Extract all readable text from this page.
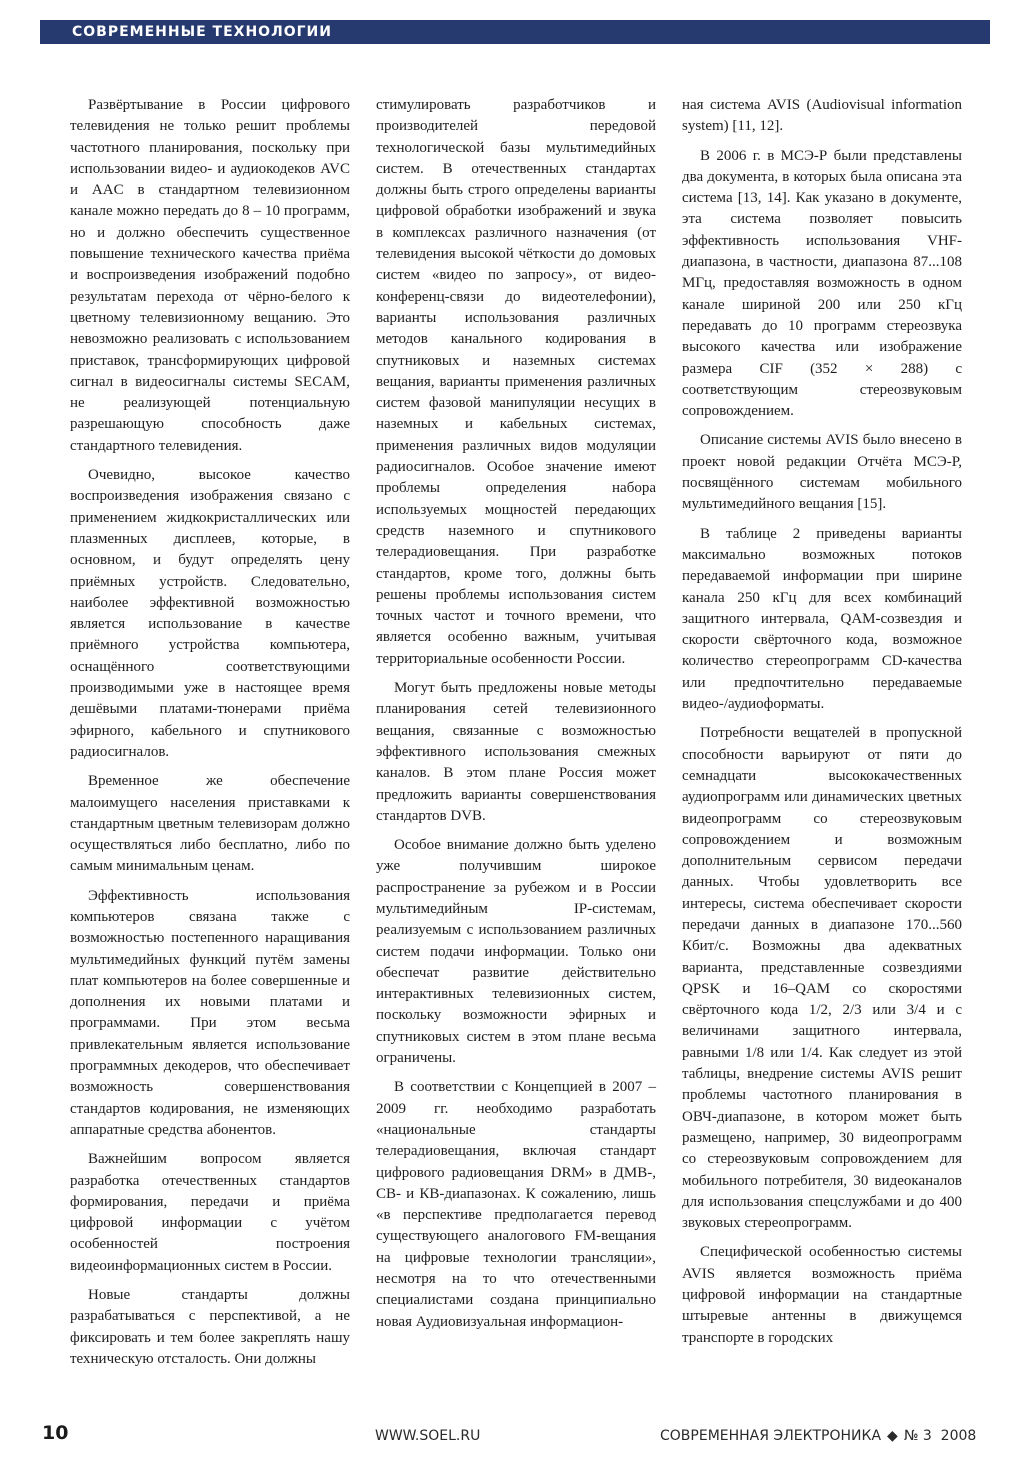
СОВРЕМЕННЫЕ ТЕХНОЛОГИИ

Развёртывание в России цифрового телевидения не только решит проблемы частотного планирования, поскольку при использовании видео- и аудиокодеков AVC и AAC в стандартном телевизионном канале можно передать до 8 – 10 программ, но и должно обеспечить существенное повышение технического качества приёма и воспроизведения изображений подобно результатам перехода от чёрно-белого к цветному телевизионному вещанию. Это невозможно реализовать с использованием приставок, трансформирующих цифровой сигнал в видеосигналы системы SECAM, не реализующей потенциальную разрешающую способность даже стандартного телевидения.

Очевидно, высокое качество воспроизведения изображения связано с применением жидкокристаллических или плазменных дисплеев, которые, в основном, и будут определять цену приёмных устройств. Следовательно, наиболее эффективной возможностью является использование в качестве приёмного устройства компьютера, оснащённого соответствующими производимыми уже в настоящее время дешёвыми платами-тюнерами приёма эфирного, кабельного и спутникового радиосигналов.

Временное же обеспечение малоимущего населения приставками к стандартным цветным телевизорам должно осуществляться либо бесплатно, либо по самым минимальным ценам.

Эффективность использования компьютеров связана также с возможностью постепенного наращивания мультимедийных функций путём замены плат компьютеров на более совершенные и дополнения их новыми платами и программами. При этом весьма привлекательным является использование программных декодеров, что обеспечивает возможность совершенствования стандартов кодирования, не изменяющих аппаратные средства абонентов.

Важнейшим вопросом является разработка отечественных стандартов формирования, передачи и приёма цифровой информации с учётом особенностей построения видеоинформационных систем в России.

Новые стандарты должны разрабатываться с перспективой, а не фиксировать и тем более закреплять нашу техническую отсталость. Они должны

стимулировать разработчиков и производителей передовой технологической базы мультимедийных систем. В отечественных стандартах должны быть строго определены варианты цифровой обработки изображений и звука в комплексах различного назначения (от телевидения высокой чёткости до домовых систем «видео по запросу», от видео-конференц-связи до видеотелефонии), варианты использования различных методов канального кодирования в спутниковых и наземных системах вещания, варианты применения различных систем фазовой манипуляции несущих в наземных и кабельных системах, применения различных видов модуляции радиосигналов. Особое значение имеют проблемы определения набора используемых мощностей передающих средств наземного и спутникового телерадиовещания. При разработке стандартов, кроме того, должны быть решены проблемы использования систем точных частот и точного времени, что является особенно важным, учитывая территориальные особенности России.

Могут быть предложены новые методы планирования сетей телевизионного вещания, связанные с возможностью эффективного использования смежных каналов. В этом плане Россия может предложить варианты совершенствования стандартов DVB.

Особое внимание должно быть уделено уже получившим широкое распространение за рубежом и в России мультимедийным IP-системам, реализуемым с использованием различных систем подачи информации. Только они обеспечат развитие действительно интерактивных телевизионных систем, поскольку возможности эфирных и спутниковых систем в этом плане весьма ограничены.

В соответствии с Концепцией в 2007 – 2009 гг. необходимо разработать «национальные стандарты телерадиовещания, включая стандарт цифрового радиовещания DRM» в ДМВ-, СВ- и КВ-диапазонах. К сожалению, лишь «в перспективе предполагается перевод существующего аналогового FM-вещания на цифровые технологии трансляции», несмотря на то что отечественными специалистами создана принципиально новая Аудиовизуальная информацион-

ная система AVIS (Audiovisual information system) [11, 12].

В 2006 г. в МСЭ-Р были представлены два документа, в которых была описана эта система [13, 14]. Как указано в документе, эта система позволяет повысить эффективность использования VHF-диапазона, в частности, диапазона 87...108 МГц, предоставляя возможность в одном канале шириной 200 или 250 кГц передавать до 10 программ стереозвука высокого качества или изображение размера CIF (352 × 288) с соответствующим стереозвуковым сопровождением.

Описание системы AVIS было внесено в проект новой редакции Отчёта МСЭ-Р, посвящённого системам мобильного мультимедийного вещания [15].

В таблице 2 приведены варианты максимально возможных потоков передаваемой информации при ширине канала 250 кГц для всех комбинаций защитного интервала, QAM-созвездия и скорости свёрточного кода, возможное количество стереопрограмм CD-качества или предпочтительно передаваемые видео-/аудиоформаты.

Потребности вещателей в пропускной способности варьируют от пяти до семнадцати высококачественных аудиопрограмм или динамических цветных видеопрограмм со стереозвуковым сопровождением и возможным дополнительным сервисом передачи данных. Чтобы удовлетворить все интересы, система обеспечивает скорости передачи данных в диапазоне 170...560 Кбит/с. Возможны два адекватных варианта, представленные созвездиями QPSK и 16–QAM со скоростями свёрточного кода 1/2, 2/3 или 3/4 и с величинами защитного интервала, равными 1/8 или 1/4. Как следует из этой таблицы, внедрение системы AVIS решит проблемы частотного планирования в ОВЧ-диапазоне, в котором может быть размещено, например, 30 видеопрограмм со стереозвуковым сопровождением для мобильного потребителя, 30 видеоканалов для использования спецслужбами и до 400 звуковых стереопрограмм.

Специфической особенностью системы AVIS является возможность приёма цифровой информации на стандартные штыревые антенны в движущемся транспорте в городских

10	WWW.SOEL.RU	СОВРЕМЕННАЯ ЭЛЕКТРОНИКА ◆ № 3 2008
